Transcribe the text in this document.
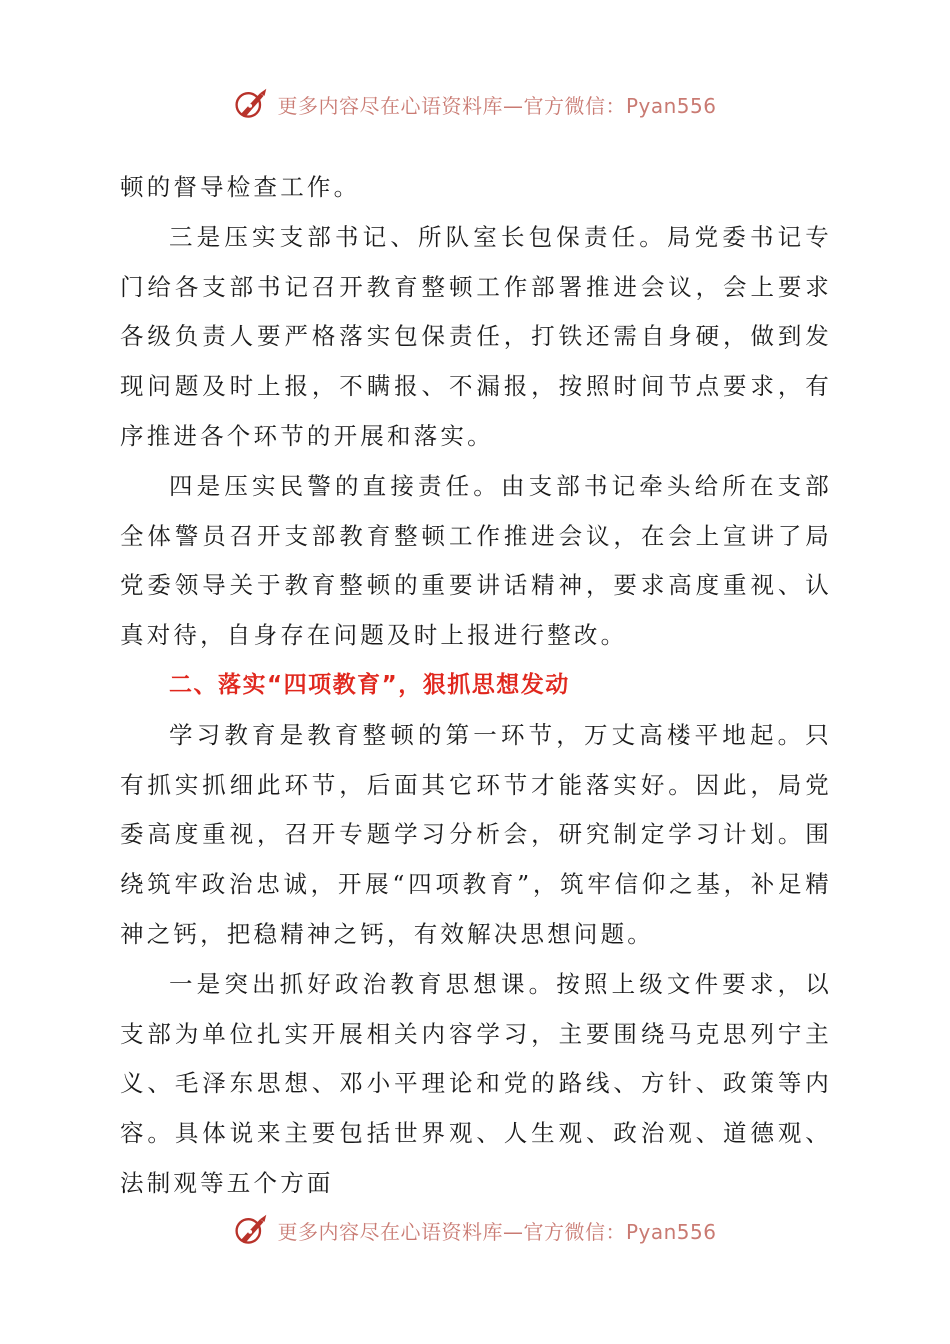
更多内容尽在心语资料库—官方微信：Pyan556

顿的督导检查工作。

三是压实支部书记、所队室长包保责任。局党委书记专门给各支部书记召开教育整顿工作部署推进会议，会上要求各级负责人要严格落实包保责任，打铁还需自身硬，做到发现问题及时上报，不瞒报、不漏报，按照时间节点要求，有序推进各个环节的开展和落实。

四是压实民警的直接责任。由支部书记牵头给所在支部全体警员召开支部教育整顿工作推进会议，在会上宣讲了局党委领导关于教育整顿的重要讲话精神，要求高度重视、认真对待，自身存在问题及时上报进行整改。

二、落实“四项教育”，狠抓思想发动

学习教育是教育整顿的第一环节，万丈高楼平地起。只有抓实抓细此环节，后面其它环节才能落实好。因此，局党委高度重视，召开专题学习分析会，研究制定学习计划。围绕筑牢政治忠诚，开展“四项教育”，筑牢信仰之基，补足精神之钙，把稳精神之钙，有效解决思想问题。

一是突出抓好政治教育思想课。按照上级文件要求，以支部为单位扎实开展相关内容学习，主要围绕马克思列宁主义、毛泽东思想、邓小平理论和党的路线、方针、政策等内容。具体说来主要包括世界观、人生观、政治观、道德观、法制观等五个方面

更多内容尽在心语资料库—官方微信：Pyan556
